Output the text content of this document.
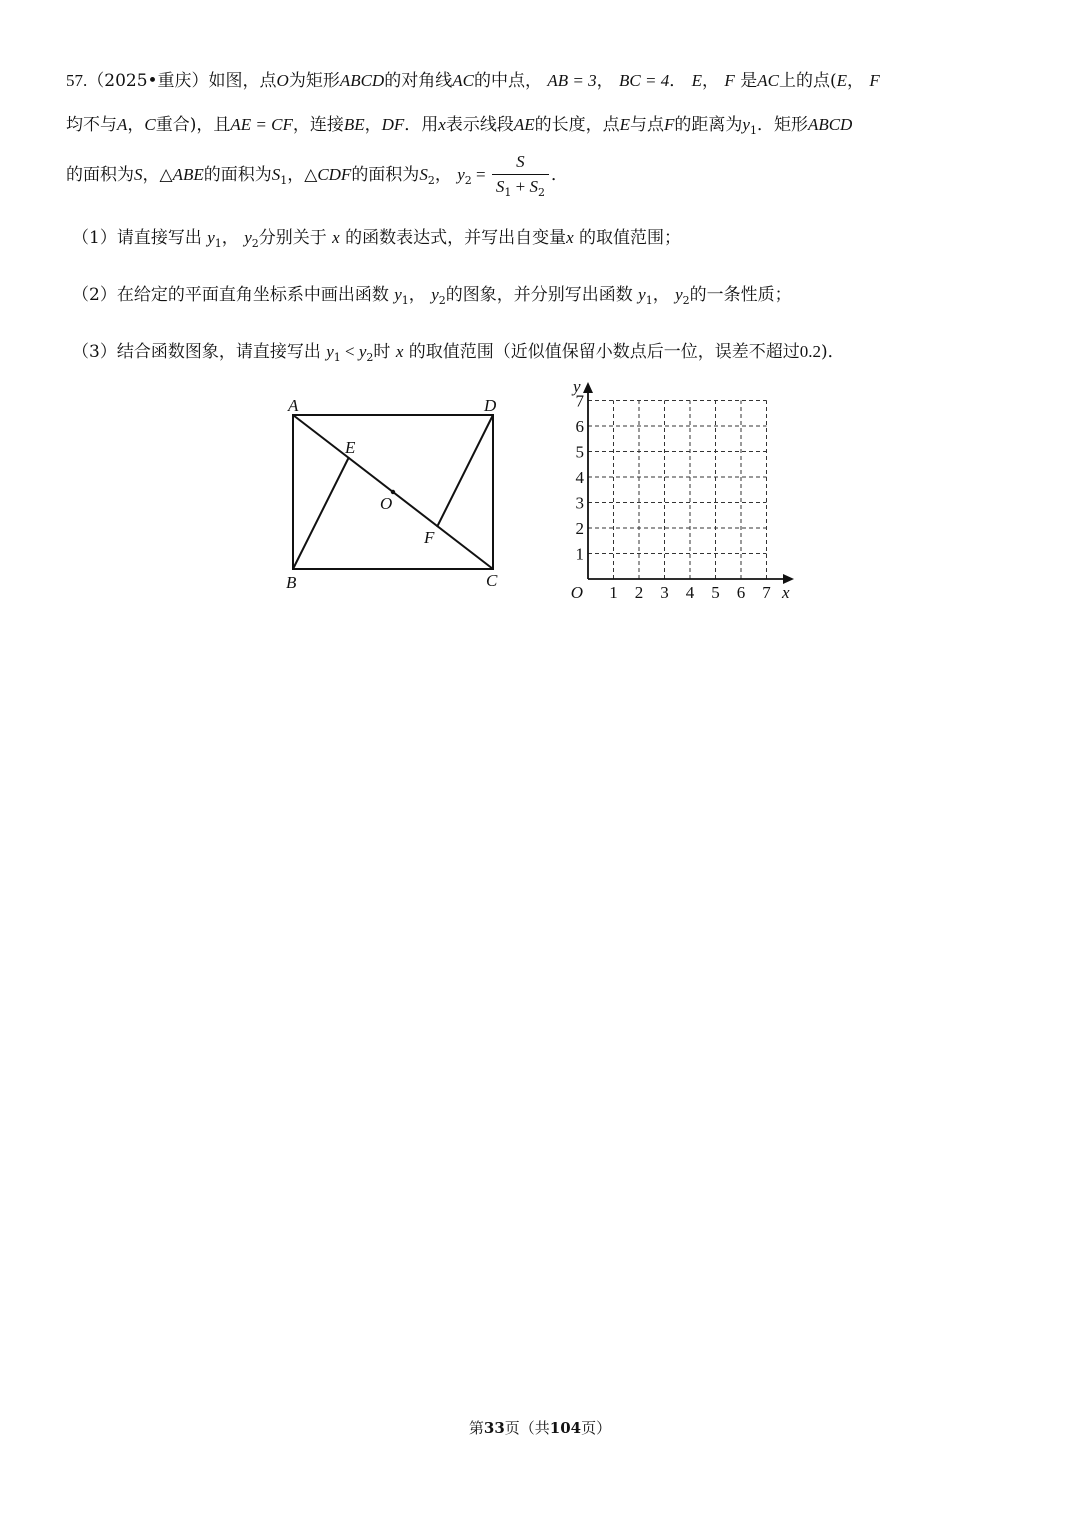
57.（2025•重庆）如图，点O为矩形ABCD的对角线AC的中点， AB = 3， BC = 4． E， F 是AC上的点(E， F
均不与A，C重合)，且AE = CF，连接BE，DF．用x表示线段AE的长度，点E与点F的距离为$y_1$．矩形ABCD
的面积为S，△ABE的面积为$S_1$，△CDF的面积为$S_2$， $y_2 = \frac{S}{S_1 + S_2}$ ．
（1）请直接写出 $y_1$， $y_2$分别关于 x 的函数表达式，并写出自变量x 的取值范围；
（2）在给定的平面直角坐标系中画出函数 $y_1$， $y_2$的图象，并分别写出函数 $y_1$， $y_2$的一条性质；
（3）结合函数图象，请直接写出 $y_1 < y_2$时 x 的取值范围（近似值保留小数点后一位，误差不超过0.2)．
A
B	C
D
E
F
O
1 2 3 4 5 6 7
1
2
3
4
5
6
7
O	x
y
第33页（共104页）
